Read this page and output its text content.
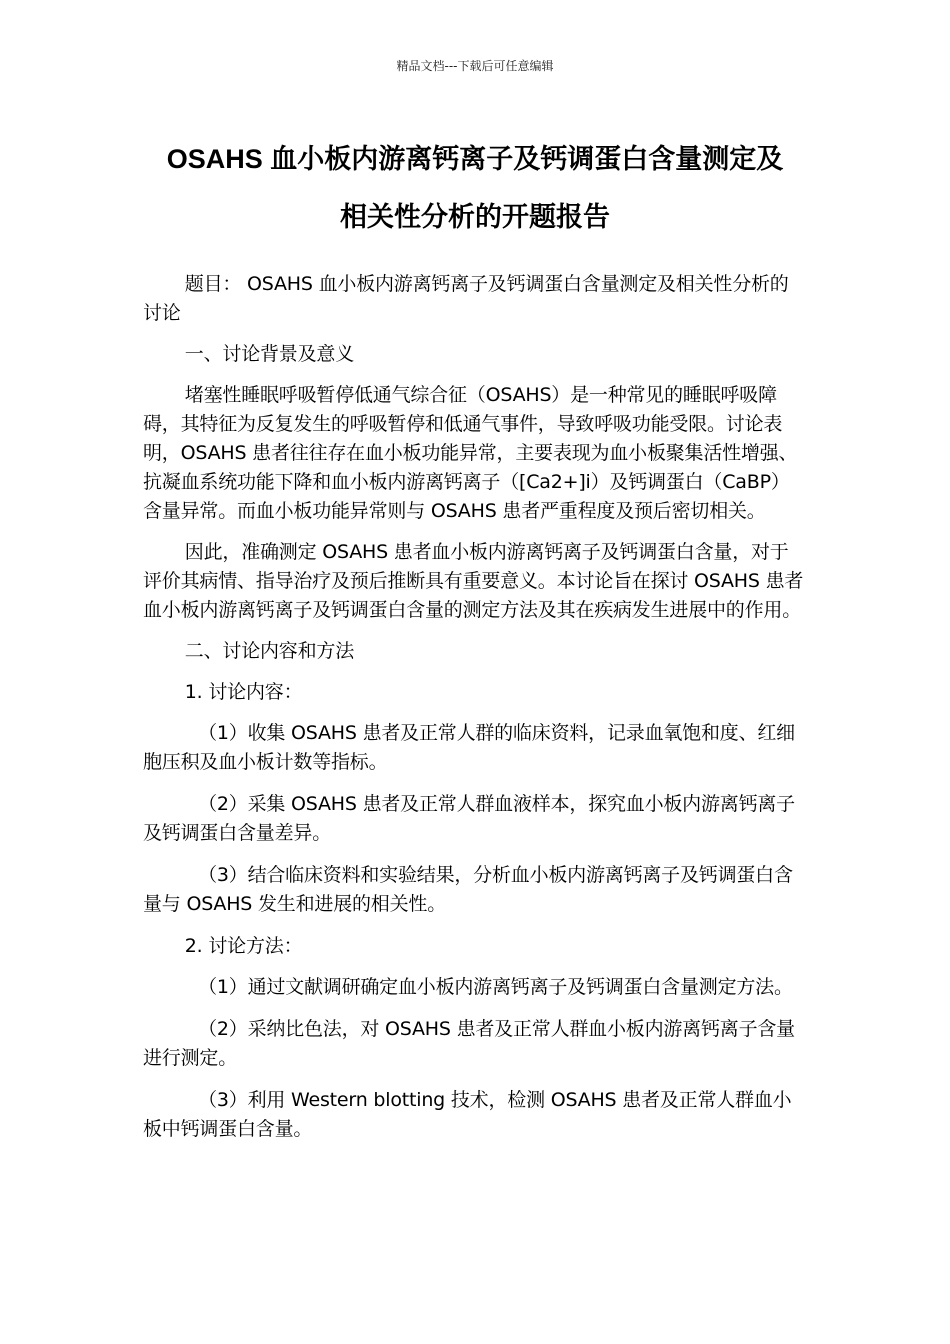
精品文档---下载后可任意编辑
OSAHS 血小板内游离钙离子及钙调蛋白含量测定及
相关性分析的开题报告

题目： OSAHS 血小板内游离钙离子及钙调蛋白含量测定及相关性分析的讨论

一、讨论背景及意义

堵塞性睡眠呼吸暂停低通气综合征（OSAHS）是一种常见的睡眠呼吸障碍，其特征为反复发生的呼吸暂停和低通气事件，导致呼吸功能受限。讨论表明，OSAHS 患者往往存在血小板功能异常，主要表现为血小板聚集活性增强、抗凝血系统功能下降和血小板内游离钙离子（[Ca2+]i）及钙调蛋白（CaBP）含量异常。而血小板功能异常则与 OSAHS 患者严重程度及预后密切相关。

因此，准确测定 OSAHS 患者血小板内游离钙离子及钙调蛋白含量，对于评价其病情、指导治疗及预后推断具有重要意义。本讨论旨在探讨 OSAHS 患者血小板内游离钙离子及钙调蛋白含量的测定方法及其在疾病发生进展中的作用。

二、讨论内容和方法

1. 讨论内容：

（1）收集 OSAHS 患者及正常人群的临床资料，记录血氧饱和度、红细胞压积及血小板计数等指标。

（2）采集 OSAHS 患者及正常人群血液样本，探究血小板内游离钙离子及钙调蛋白含量差异。

（3）结合临床资料和实验结果，分析血小板内游离钙离子及钙调蛋白含量与 OSAHS 发生和进展的相关性。

2. 讨论方法：

（1）通过文献调研确定血小板内游离钙离子及钙调蛋白含量测定方法。

（2）采纳比色法，对 OSAHS 患者及正常人群血小板内游离钙离子含量进行测定。

（3）利用 Western blotting 技术，检测 OSAHS 患者及正常人群血小板中钙调蛋白含量。
